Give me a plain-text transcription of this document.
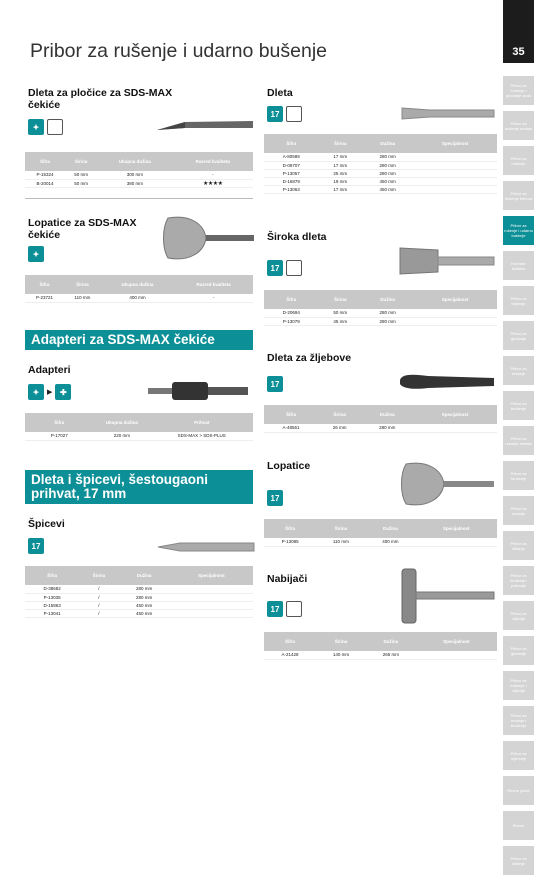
Pribor za rušenje i udarno bušenje	35
Pribor za bušenje i glodanje stola
Pribor za bušenje metala
Pribor za bušenje
Pribor za bušenje betona
Pribor za rušenje i udarno bušenje
Krunske bušilice
Pribor za bušenje
Pribor za glodanje
Pribor za rezanje
Pribor za brušenje
Pribor za rezanje metala
Pribor za brušenje
Pribor za rezanje
Pribor za šlifanje
Pribor za brušenje i poliranje
Pribor za vijčenje
Pribor za glodanje
Pribor za bušenje i vijčenje
Pribor za rezanje i brušenje
Pribor za mjerenje
Rezne ploče
Rezne
Pribor za šlifanje
Dleta za pločice za SDS-MAX čekiće
✦	▧
Šifra	Širina	Ukupna dužina	Razred kvaliteta
P-15324	50 mm	300 mm	-
B-20014	50 mm	380 mm	★★★★
Lopatice za SDS-MAX čekiće
✦
Šifra	Širina	Ukupna dužina	Razred kvaliteta
P-23721	110 mm	400 mm	-
Adapteri za SDS-MAX čekiće
Adapteri
✦	▶ ✚
Šifra	Ukupna dužina	Prihvat
P-17027	220 mm	SDS-MAX > SDS-PLUS
Dleta i špicevi, šestougaoni prihvat, 17 mm
Špicevi
17
Šifra	Širina	Dužina	Specijalnost
D-38682	/	280 mm	
P-13035	/	280 mm	
D-15863	/	450 mm	
P-13041	/	450 mm	
Dleta
17	▧
Šifra	Širina	Dužina	Specijalnost
A-80589	17 mm	280 mm	
D-08707	17 mm	280 mm	
P-13057	25 mm	280 mm	
D-16879	19 mm	450 mm	
P-13063	17 mm	450 mm	
Široka dleta
17	▧
Šifra	Širina	Dužina	Specijalnost
D-20694	50 mm	280 mm	
P-13079	45 mm	280 mm	
Dleta za žljebove
17
Šifra	Širina	Dužina	Specijalnost
A-48561	26 mm	280 mm	
Lopatice
17
Šifra	Širina	Dužina	Specijalnost
P-13085	110 mm	400 mm	
Nabijači
17	▥
Šifra	Širina	Dužina	Specijalnost
A-21428	140 mm	265 mm	
